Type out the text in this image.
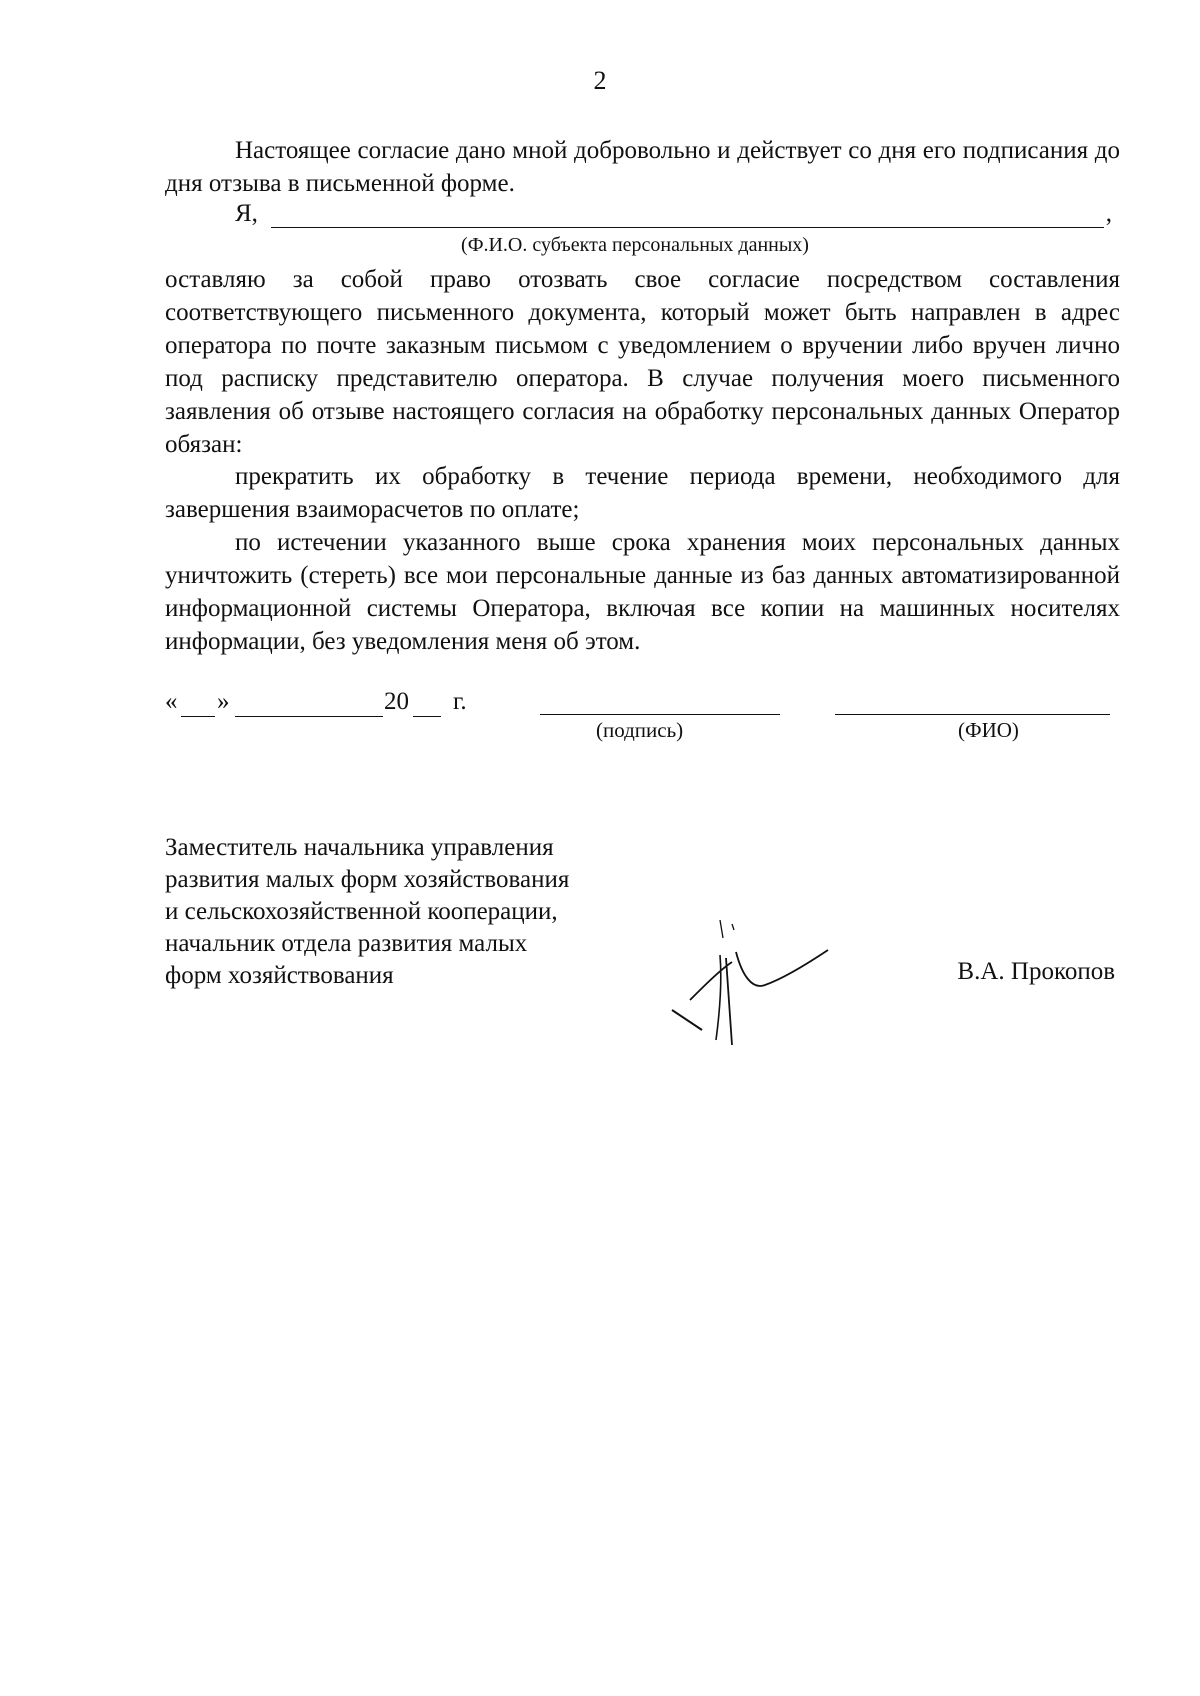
2
Настоящее согласие дано мной добровольно и действует со дня его подписания до дня отзыва в письменной форме.
Я,	,
(Ф.И.О. субъекта персональных данных)
оставляю за собой право отозвать свое согласие посредством составления соответствующего письменного документа, который может быть направлен в адрес оператора по почте заказным письмом с уведомлением о вручении либо вручен лично под расписку представителю оператора. В случае получения моего письменного заявления об отзыве настоящего согласия на обработку персональных данных Оператор обязан:
прекратить их обработку в течение периода времени, необходимого для завершения взаиморасчетов по оплате;
по истечении указанного выше срока хранения моих персональных данных уничтожить (стереть) все мои персональные данные из баз данных автоматизированной информационной системы Оператора, включая все копии на машинных носителях информации, без уведомления меня об этом.
« »	20 г.
(подпись)	(ФИО)
Заместитель начальника управления
развития малых форм хозяйствования
и сельскохозяйственной кооперации,
начальник отдела развития малых
форм хозяйствования	В.А. Прокопов
